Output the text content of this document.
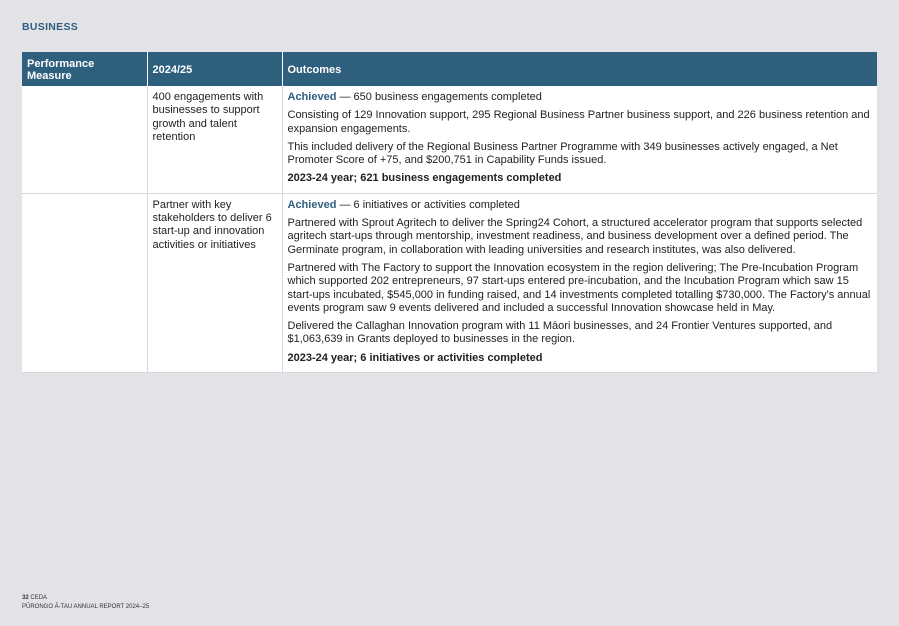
BUSINESS
Performance Measure	2024/25	Outcomes
	400 engagements with businesses to support growth and talent retention	Achieved — 650 business engagements completed

Consisting of 129 Innovation support, 295 Regional Business Partner business support, and 226 business retention and expansion engagements.

This included delivery of the Regional Business Partner Programme with 349 businesses actively engaged, a Net Promoter Score of +75, and $200,751 in Capability Funds issued.

2023-24 year; 621 business engagements completed

	Partner with key stakeholders to deliver 6 start-up and innovation activities or initiatives	Achieved — 6 initiatives or activities completed

Partnered with Sprout Agritech to deliver the Spring24 Cohort, a structured accelerator program that supports selected agritech start-ups through mentorship, investment readiness, and business development over a defined period. The Germinate program, in collaboration with leading universities and research institutes, was also delivered.

Partnered with The Factory to support the Innovation ecosystem in the region delivering; The Pre-Incubation Program which supported 202 entrepreneurs, 97 start-ups entered pre-incubation, and the Incubation Program which saw 15 start-ups incubated, $545,000 in funding raised, and 14 investments completed totalling $730,000. The Factory's annual events program saw 9 events delivered and included a successful Innovation showcase held in May.

Delivered the Callaghan Innovation program with 11 Māori businesses, and 24 Frontier Ventures supported, and $1,063,639 in Grants deployed to businesses in the region.

2023-24 year; 6 initiatives or activities completed

32 CEDA
PŪRONGO Ā-TAU ANNUAL REPORT 2024–25
